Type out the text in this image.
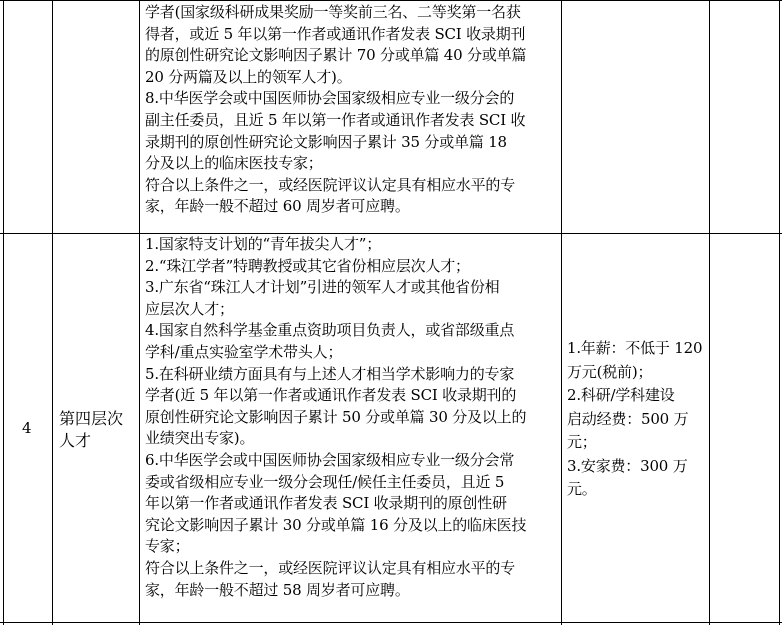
学者(国家级科研成果奖励一等奖前三名、二等奖第一名获
得者，或近 5 年以第一作者或通讯作者发表 SCI 收录期刊
的原创性研究论文影响因子累计 70 分或单篇 40 分或单篇
20 分两篇及以上的领军人才)。
8.中华医学会或中国医师协会国家级相应专业一级分会的
副主任委员，且近 5 年以第一作者或通讯作者发表 SCI 收
录期刊的原创性研究论文影响因子累计 35 分或单篇 18
分及以上的临床医技专家；
符合以上条件之一，或经医院评议认定具有相应水平的专
家，年龄一般不超过 60 周岁者可应聘。
4 第四层次
人才
1.国家特支计划的“青年拔尖人才”；
2.“珠江学者”特聘教授或其它省份相应层次人才；
3.广东省“珠江人才计划”引进的领军人才或其他省份相
应层次人才；
4.国家自然科学基金重点资助项目负责人，或省部级重点
学科/重点实验室学术带头人；
5.在科研业绩方面具有与上述人才相当学术影响力的专家
学者(近 5 年以第一作者或通讯作者发表 SCI 收录期刊的
原创性研究论文影响因子累计 50 分或单篇 30 分及以上的
业绩突出专家)。
6.中华医学会或中国医师协会国家级相应专业一级分会常
委或省级相应专业一级分会现任/候任主任委员，且近 5
年以第一作者或通讯作者发表 SCI 收录期刊的原创性研
究论文影响因子累计 30 分或单篇 16 分及以上的临床医技
专家；
符合以上条件之一，或经医院评议认定具有相应水平的专
家，年龄一般不超过 58 周岁者可应聘。
1.年薪：不低于 120
万元(税前)；
2.科研/学科建设
启动经费：500 万
元；
3.安家费：300 万
元。
